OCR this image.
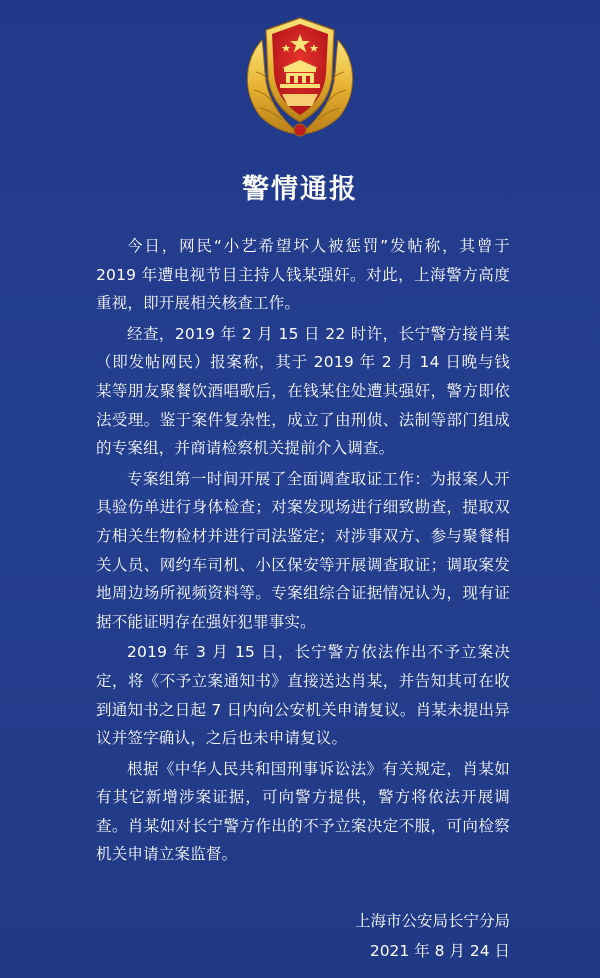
警情通报

今日，网民“小艺希望坏人被惩罚”发帖称，其曾于 2019 年遭电视节目主持人钱某强奸。对此，上海警方高度重视，即开展相关核查工作。

经查，2019 年 2 月 15 日 22 时许，长宁警方接肖某（即发帖网民）报案称，其于 2019 年 2 月 14 日晚与钱某等朋友聚餐饮酒唱歌后，在钱某住处遭其强奸，警方即依法受理。鉴于案件复杂性，成立了由刑侦、法制等部门组成的专案组，并商请检察机关提前介入调查。

专案组第一时间开展了全面调查取证工作：为报案人开具验伤单进行身体检查；对案发现场进行细致勘查，提取双方相关生物检材并进行司法鉴定；对涉事双方、参与聚餐相关人员、网约车司机、小区保安等开展调查取证；调取案发地周边场所视频资料等。专案组综合证据情况认为，现有证据不能证明存在强奸犯罪事实。

2019 年 3 月 15 日，长宁警方依法作出不予立案决定，将《不予立案通知书》直接送达肖某，并告知其可在收到通知书之日起 7 日内向公安机关申请复议。肖某未提出异议并签字确认，之后也未申请复议。

根据《中华人民共和国刑事诉讼法》有关规定，肖某如有其它新增涉案证据，可向警方提供，警方将依法开展调查。肖某如对长宁警方作出的不予立案决定不服，可向检察机关申请立案监督。

上海市公安局长宁分局
2021 年 8 月 24 日
